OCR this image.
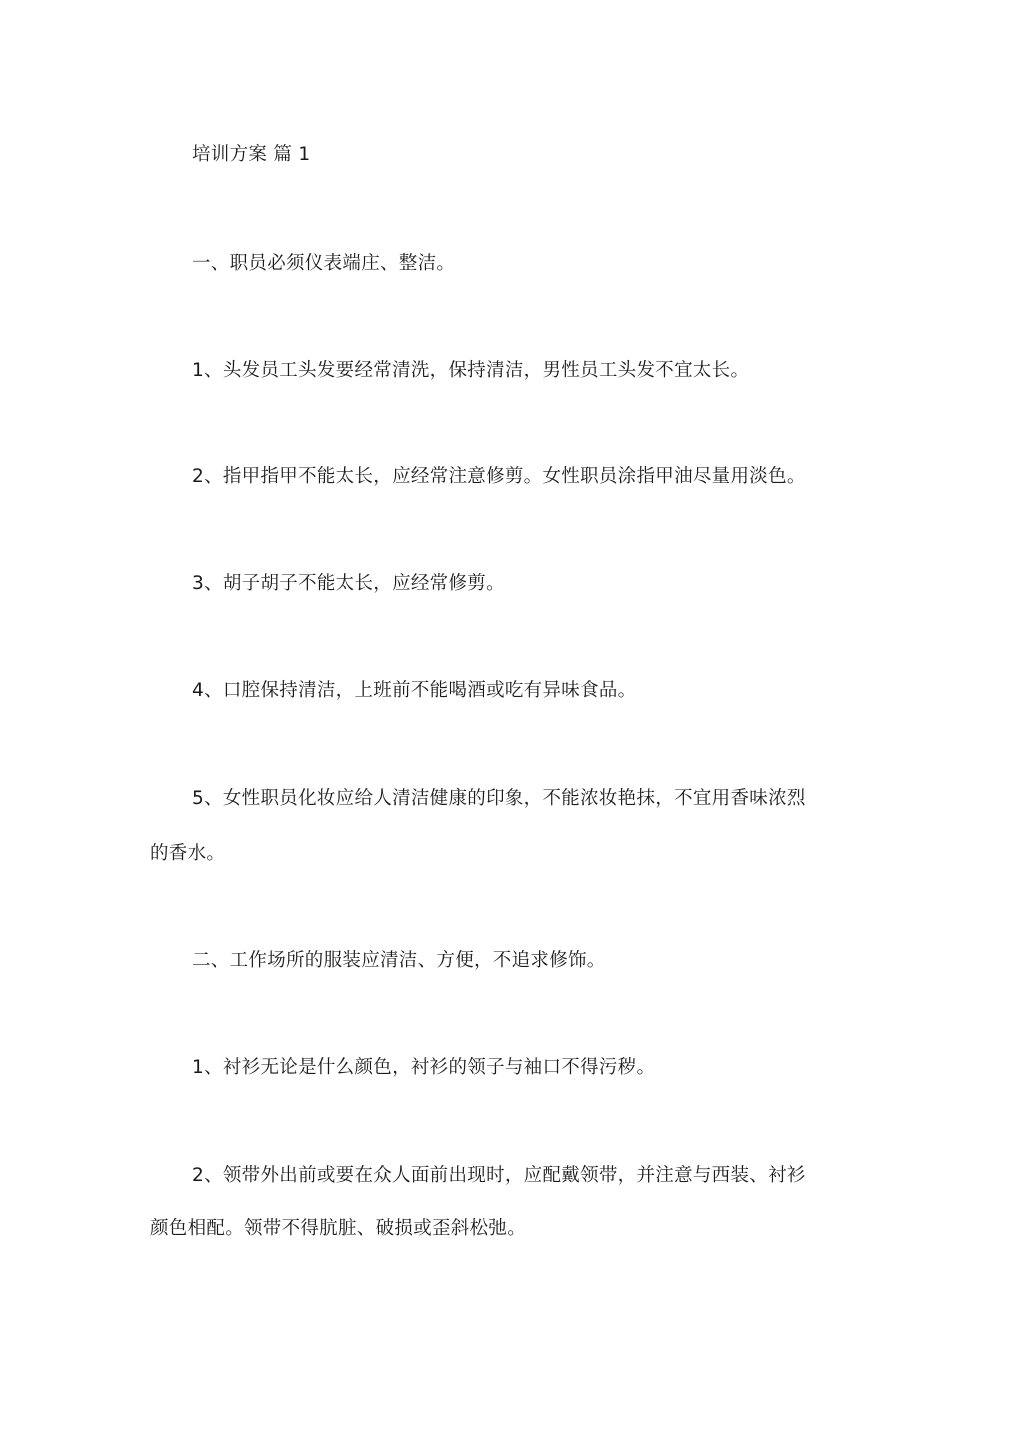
培训方案 篇 1
一、职员必须仪表端庄、整洁。
1、头发员工头发要经常清洗，保持清洁，男性员工头发不宜太长。
2、指甲指甲不能太长，应经常注意修剪。女性职员涂指甲油尽量用淡色。
3、胡子胡子不能太长，应经常修剪。
4、口腔保持清洁，上班前不能喝酒或吃有异味食品。
5、女性职员化妆应给人清洁健康的印象，不能浓妆艳抹，不宜用香味浓烈
的香水。
二、工作场所的服装应清洁、方便，不追求修饰。
1、衬衫无论是什么颜色，衬衫的领子与袖口不得污秽。
2、领带外出前或要在众人面前出现时，应配戴领带，并注意与西装、衬衫
颜色相配。领带不得肮脏、破损或歪斜松弛。
